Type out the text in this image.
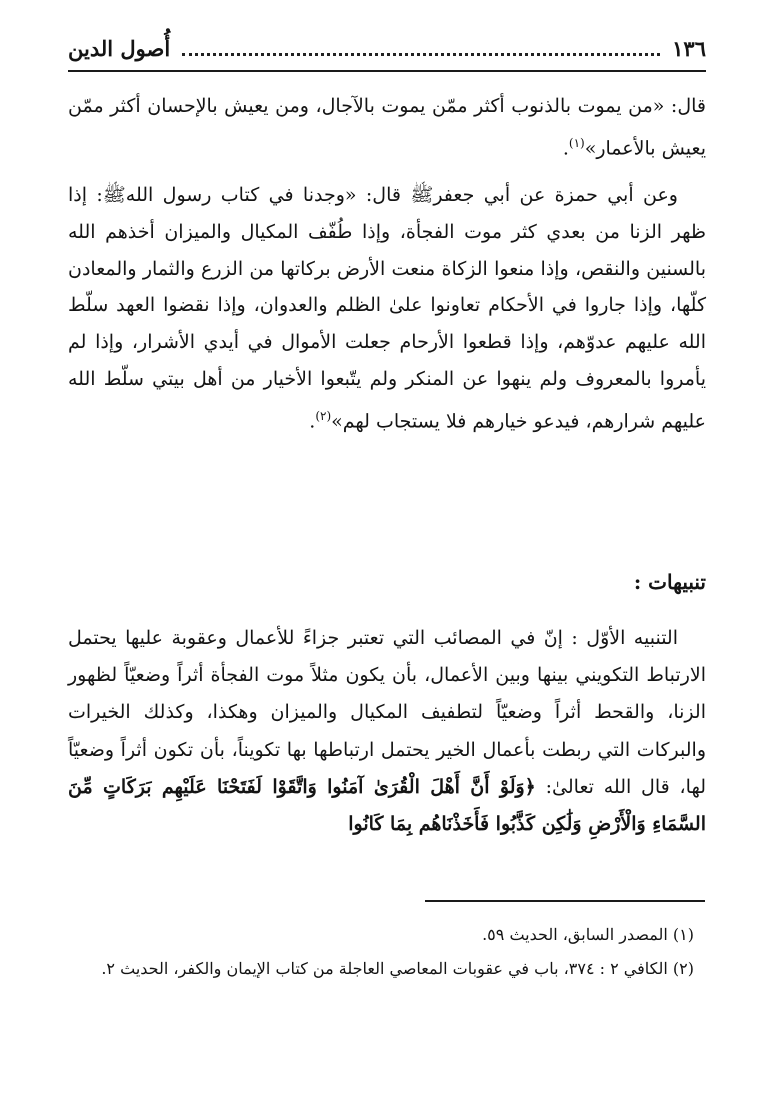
١٣٦
أُصول الدين

قال: «من يموت بالذنوب أكثر ممّن يموت بالآجال، ومن يعيش بالإحسان أكثر ممّن يعيش بالأعمار»$^{(١)}$.

وعن أبي حمزة عن أبي جعفرﷺ قال: «وجدنا في كتاب رسول اللهﷺ: إذا ظهر الزنا من بعدي كثر موت الفجأة، وإذا طُفّف المكيال والميزان أخذهم الله بالسنين والنقص، وإذا منعوا الزكاة منعت الأرض بركاتها من الزرع والثمار والمعادن كلّها، وإذا جاروا في الأحكام تعاونوا علىٰ الظلم والعدوان، وإذا نقضوا العهد سلّط الله عليهم عدوّهم، وإذا قطعوا الأرحام جعلت الأموال في أيدي الأشرار، وإذا لم يأمروا بالمعروف ولم ينهوا عن المنكر ولم يتّبعوا الأخيار من أهل بيتي سلّط الله عليهم شرارهم، فيدعو خيارهم فلا يستجاب لهم»$^{(٢)}$.

تنبيهات :

التنبيه الأوّل : إنّ في المصائب التي تعتبر جزاءً للأعمال وعقوبة عليها يحتمل الارتباط التكويني بينها وبين الأعمال، بأن يكون مثلاً موت الفجأة أثراً وضعيّاً لظهور الزنا، والقحط أثراً وضعيّاً لتطفيف المكيال والميزان وهكذا، وكذلك الخيرات والبركات التي ربطت بأعمال الخير يحتمل ارتباطها بها تكويناً، بأن تكون أثراً وضعيّاً لها، قال الله تعالىٰ: ﴿وَلَوْ أَنَّ أَهْلَ الْقُرَىٰ آمَنُوا وَاتَّقَوْا لَفَتَحْنَا عَلَيْهِم بَرَكَاتٍ مِّنَ السَّمَاءِ وَالْأَرْضِ وَلَٰكِن كَذَّبُوا فَأَخَذْنَاهُم بِمَا كَانُوا

(١) المصدر السابق، الحديث ٥٩.

(٢) الكافي ٢ : ٣٧٤، باب في عقوبات المعاصي العاجلة من كتاب الإيمان والكفر، الحديث ٢.
